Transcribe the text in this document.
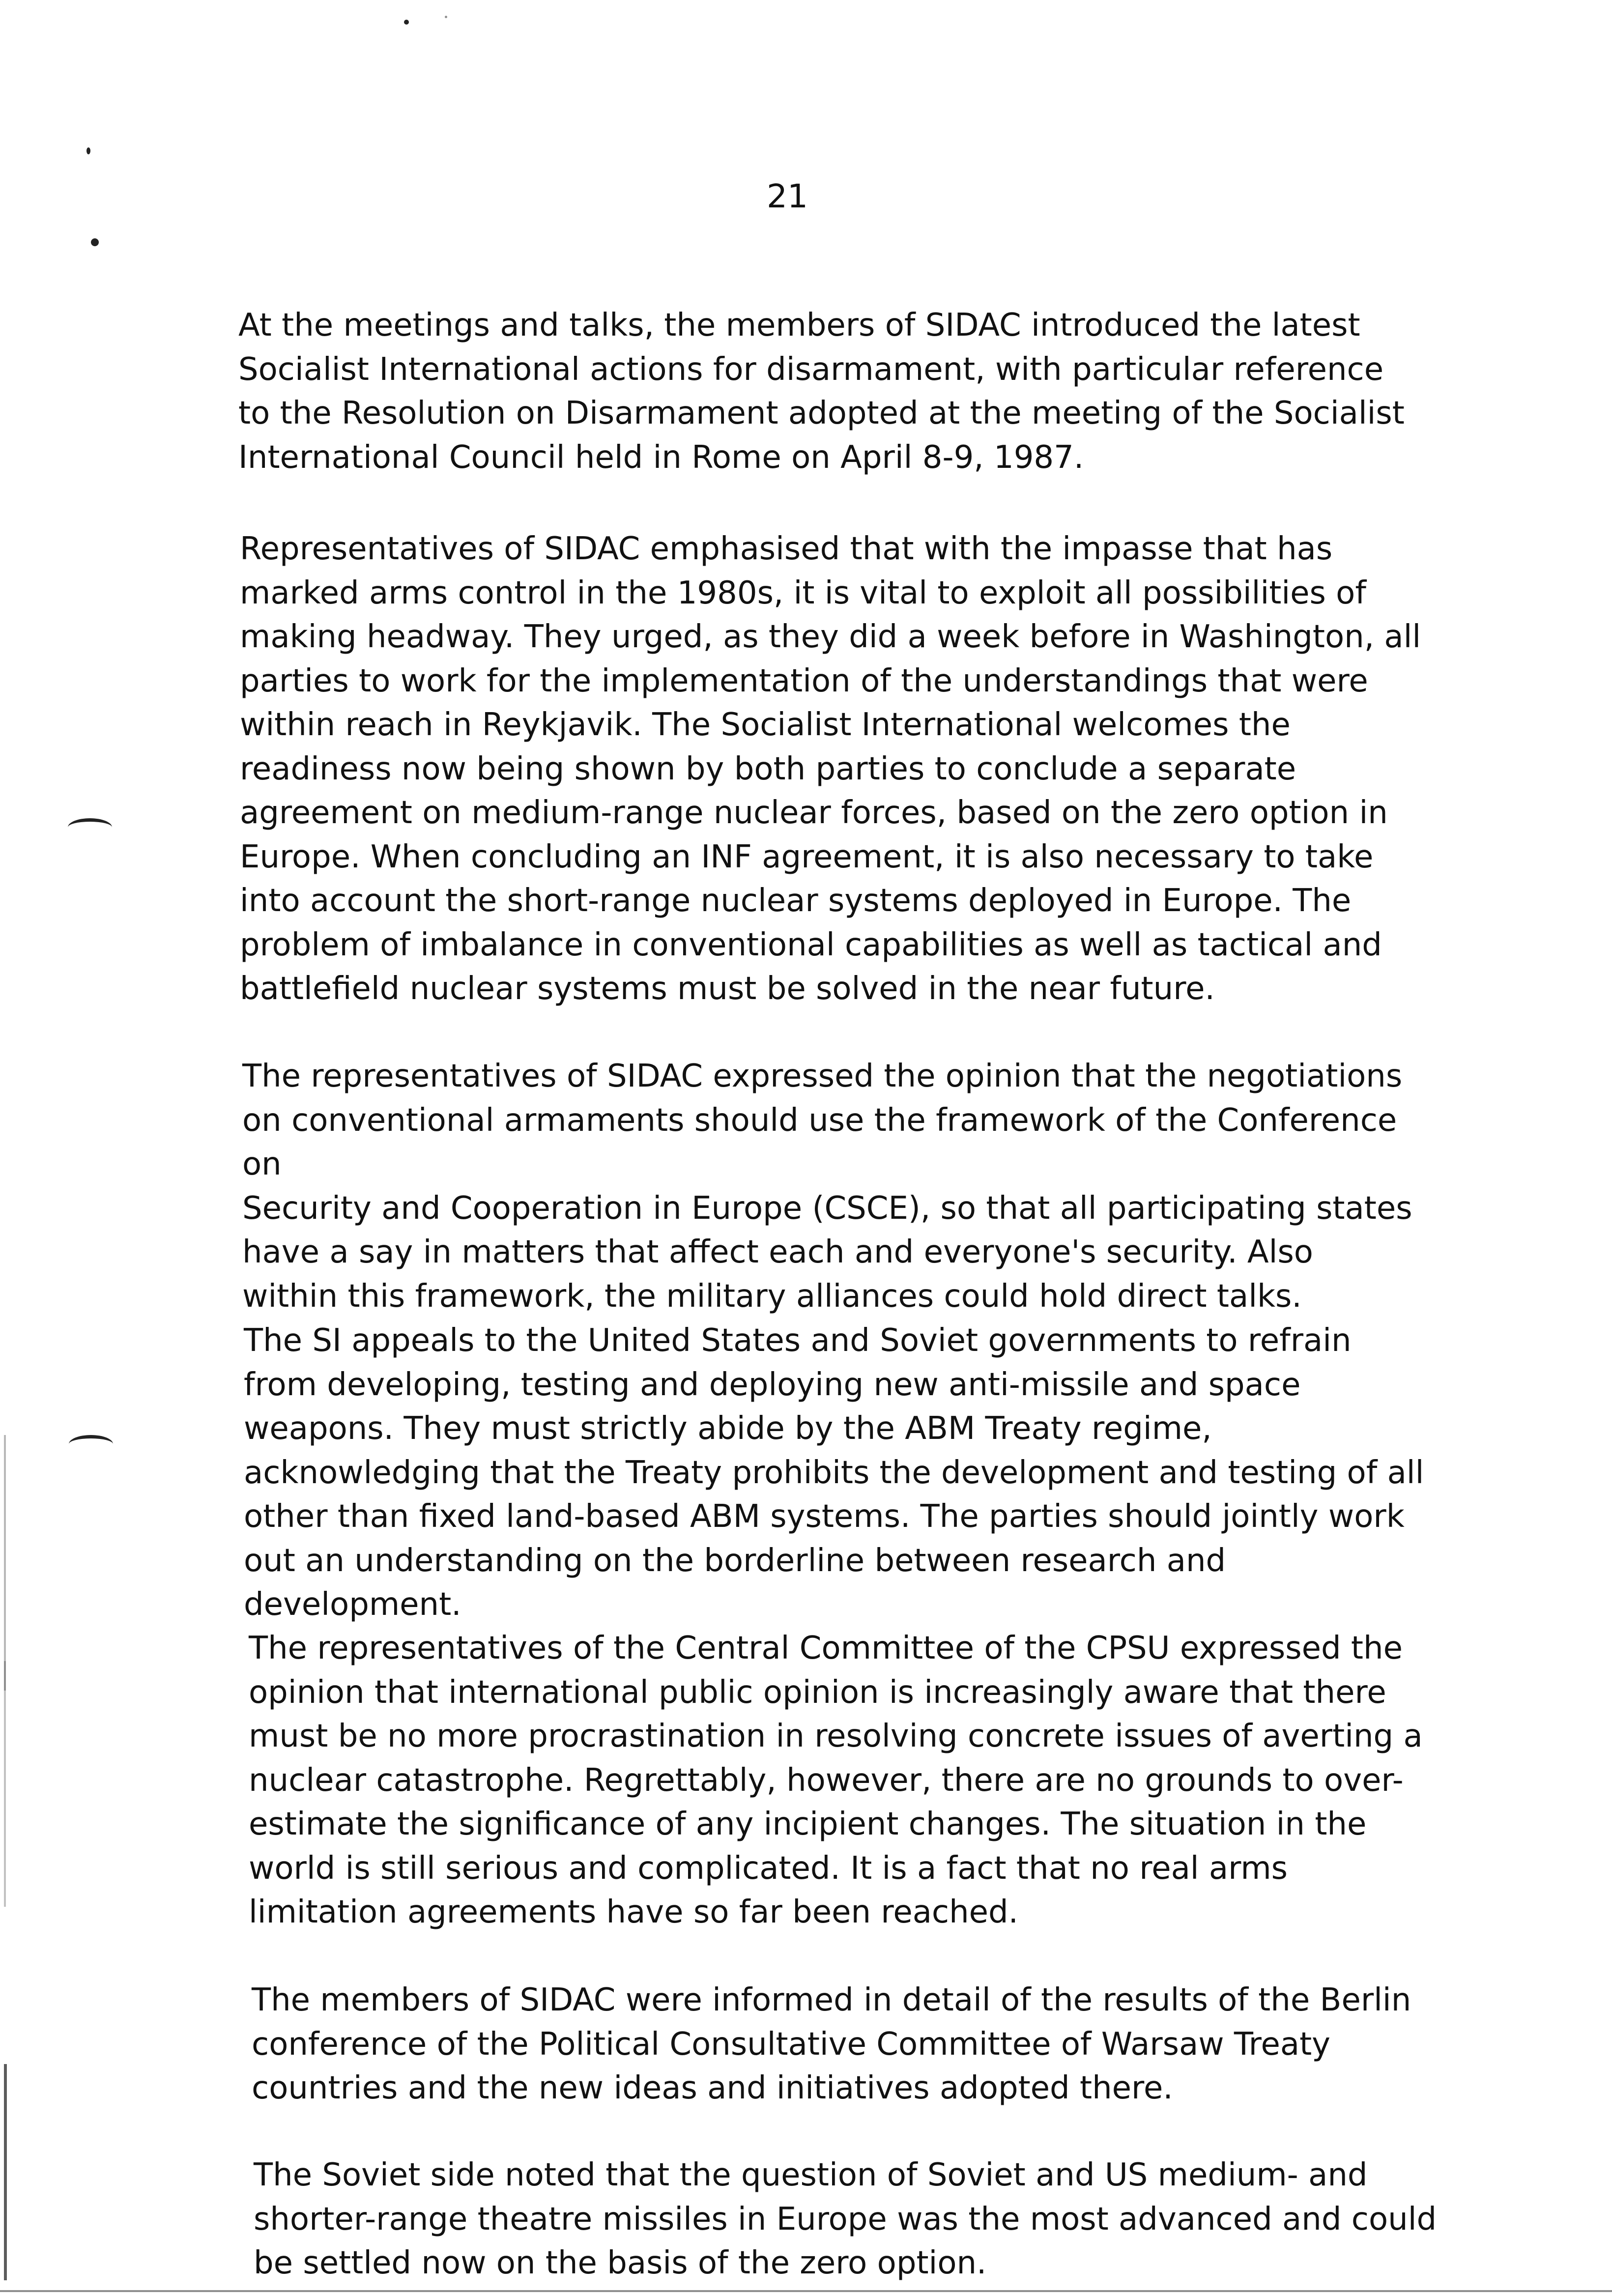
21

At the meetings and talks, the members of SIDAC introduced the latest
Socialist International actions for disarmament, with particular reference
to the Resolution on Disarmament adopted at the meeting of the Socialist
International Council held in Rome on April 8-9, 1987.

Representatives of SIDAC emphasised that with the impasse that has
marked arms control in the 1980s, it is vital to exploit all possibilities of
making headway. They urged, as they did a week before in Washington, all
parties to work for the implementation of the understandings that were
within reach in Reykjavik. The Socialist International welcomes the
readiness now being shown by both parties to conclude a separate
agreement on medium-range nuclear forces, based on the zero option in
Europe. When concluding an INF agreement, it is also necessary to take
into account the short-range nuclear systems deployed in Europe. The
problem of imbalance in conventional capabilities as well as tactical and
battlefield nuclear systems must be solved in the near future.

The representatives of SIDAC expressed the opinion that the negotiations
on conventional armaments should use the framework of the Conference on
Security and Cooperation in Europe (CSCE), so that all participating states
have a say in matters that affect each and everyone's security. Also
within this framework, the military alliances could hold direct talks.

The SI appeals to the United States and Soviet governments to refrain
from developing, testing and deploying new anti-missile and space
weapons. They must strictly abide by the ABM Treaty regime,
acknowledging that the Treaty prohibits the development and testing of all
other than fixed land-based ABM systems. The parties should jointly work
out an understanding on the borderline between research and development.

The representatives of the Central Committee of the CPSU expressed the
opinion that international public opinion is increasingly aware that there
must be no more procrastination in resolving concrete issues of averting a
nuclear catastrophe. Regrettably, however, there are no grounds to over-
estimate the significance of any incipient changes. The situation in the
world is still serious and complicated. It is a fact that no real arms
limitation agreements have so far been reached.

The members of SIDAC were informed in detail of the results of the Berlin
conference of the Political Consultative Committee of Warsaw Treaty
countries and the new ideas and initiatives adopted there.

The Soviet side noted that the question of Soviet and US medium- and
shorter-range theatre missiles in Europe was the most advanced and could
be settled now on the basis of the zero option.
